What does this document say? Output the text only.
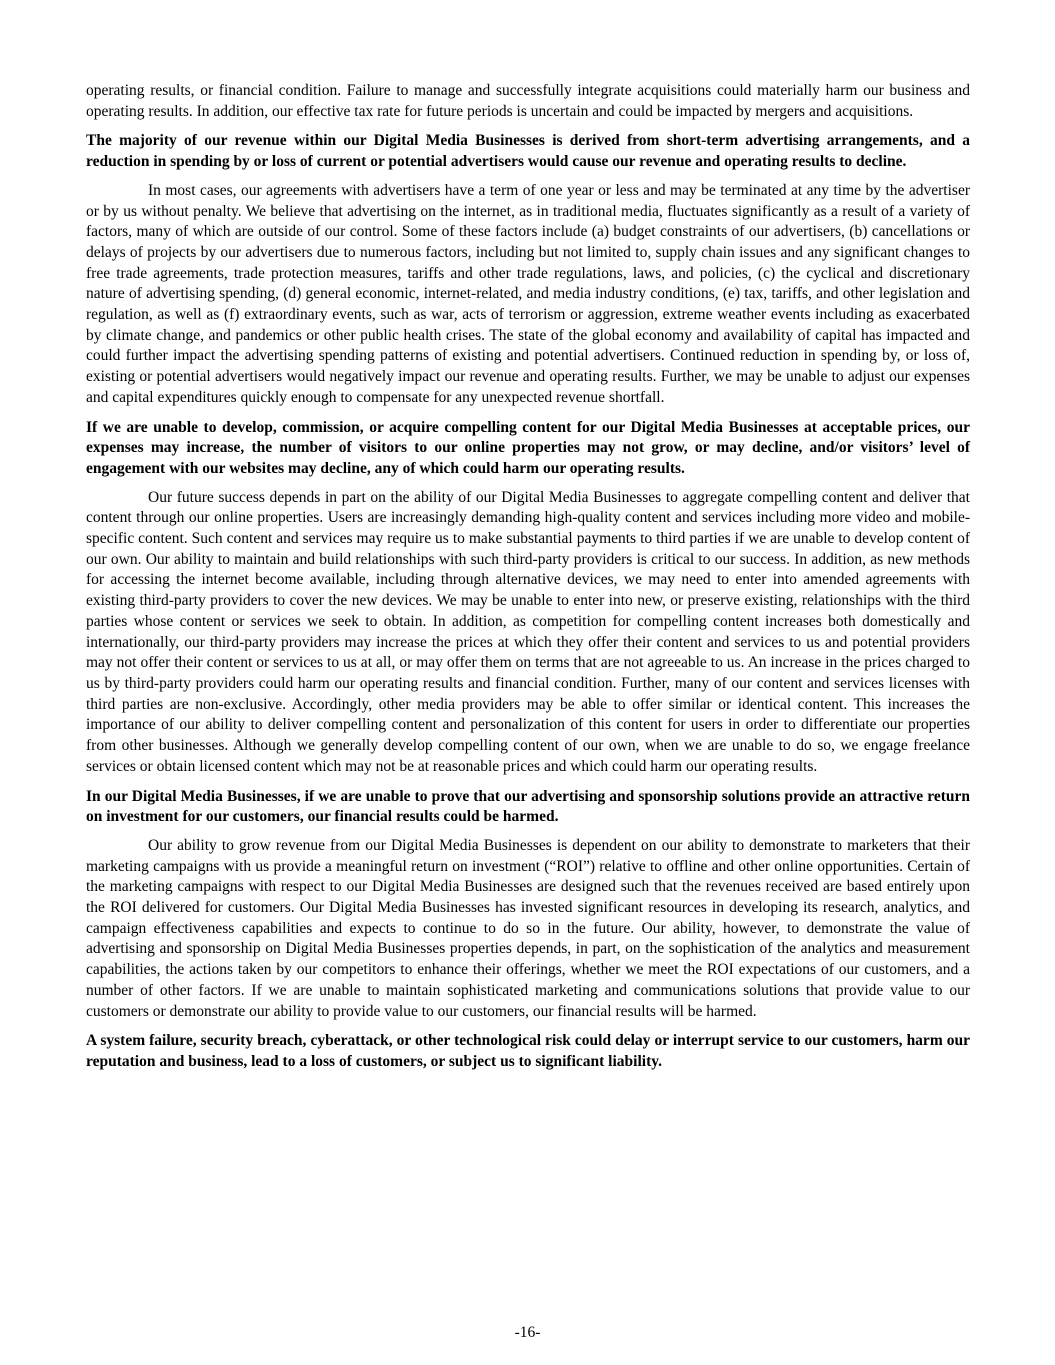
operating results, or financial condition. Failure to manage and successfully integrate acquisitions could materially harm our business and operating results. In addition, our effective tax rate for future periods is uncertain and could be impacted by mergers and acquisitions.

The majority of our revenue within our Digital Media Businesses is derived from short-term advertising arrangements, and a reduction in spending by or loss of current or potential advertisers would cause our revenue and operating results to decline.

In most cases, our agreements with advertisers have a term of one year or less and may be terminated at any time by the advertiser or by us without penalty. We believe that advertising on the internet, as in traditional media, fluctuates significantly as a result of a variety of factors, many of which are outside of our control. Some of these factors include (a) budget constraints of our advertisers, (b) cancellations or delays of projects by our advertisers due to numerous factors, including but not limited to, supply chain issues and any significant changes to free trade agreements, trade protection measures, tariffs and other trade regulations, laws, and policies, (c) the cyclical and discretionary nature of advertising spending, (d) general economic, internet-related, and media industry conditions, (e) tax, tariffs, and other legislation and regulation, as well as (f) extraordinary events, such as war, acts of terrorism or aggression, extreme weather events including as exacerbated by climate change, and pandemics or other public health crises. The state of the global economy and availability of capital has impacted and could further impact the advertising spending patterns of existing and potential advertisers. Continued reduction in spending by, or loss of, existing or potential advertisers would negatively impact our revenue and operating results. Further, we may be unable to adjust our expenses and capital expenditures quickly enough to compensate for any unexpected revenue shortfall.

If we are unable to develop, commission, or acquire compelling content for our Digital Media Businesses at acceptable prices, our expenses may increase, the number of visitors to our online properties may not grow, or may decline, and/or visitors’ level of engagement with our websites may decline, any of which could harm our operating results.

Our future success depends in part on the ability of our Digital Media Businesses to aggregate compelling content and deliver that content through our online properties. Users are increasingly demanding high-quality content and services including more video and mobile-specific content. Such content and services may require us to make substantial payments to third parties if we are unable to develop content of our own. Our ability to maintain and build relationships with such third-party providers is critical to our success. In addition, as new methods for accessing the internet become available, including through alternative devices, we may need to enter into amended agreements with existing third-party providers to cover the new devices. We may be unable to enter into new, or preserve existing, relationships with the third parties whose content or services we seek to obtain. In addition, as competition for compelling content increases both domestically and internationally, our third-party providers may increase the prices at which they offer their content and services to us and potential providers may not offer their content or services to us at all, or may offer them on terms that are not agreeable to us. An increase in the prices charged to us by third-party providers could harm our operating results and financial condition. Further, many of our content and services licenses with third parties are non-exclusive. Accordingly, other media providers may be able to offer similar or identical content. This increases the importance of our ability to deliver compelling content and personalization of this content for users in order to differentiate our properties from other businesses. Although we generally develop compelling content of our own, when we are unable to do so, we engage freelance services or obtain licensed content which may not be at reasonable prices and which could harm our operating results.

In our Digital Media Businesses, if we are unable to prove that our advertising and sponsorship solutions provide an attractive return on investment for our customers, our financial results could be harmed.

Our ability to grow revenue from our Digital Media Businesses is dependent on our ability to demonstrate to marketers that their marketing campaigns with us provide a meaningful return on investment (“ROI”) relative to offline and other online opportunities. Certain of the marketing campaigns with respect to our Digital Media Businesses are designed such that the revenues received are based entirely upon the ROI delivered for customers. Our Digital Media Businesses has invested significant resources in developing its research, analytics, and campaign effectiveness capabilities and expects to continue to do so in the future. Our ability, however, to demonstrate the value of advertising and sponsorship on Digital Media Businesses properties depends, in part, on the sophistication of the analytics and measurement capabilities, the actions taken by our competitors to enhance their offerings, whether we meet the ROI expectations of our customers, and a number of other factors. If we are unable to maintain sophisticated marketing and communications solutions that provide value to our customers or demonstrate our ability to provide value to our customers, our financial results will be harmed.

A system failure, security breach, cyberattack, or other technological risk could delay or interrupt service to our customers, harm our reputation and business, lead to a loss of customers, or subject us to significant liability.

-16-
